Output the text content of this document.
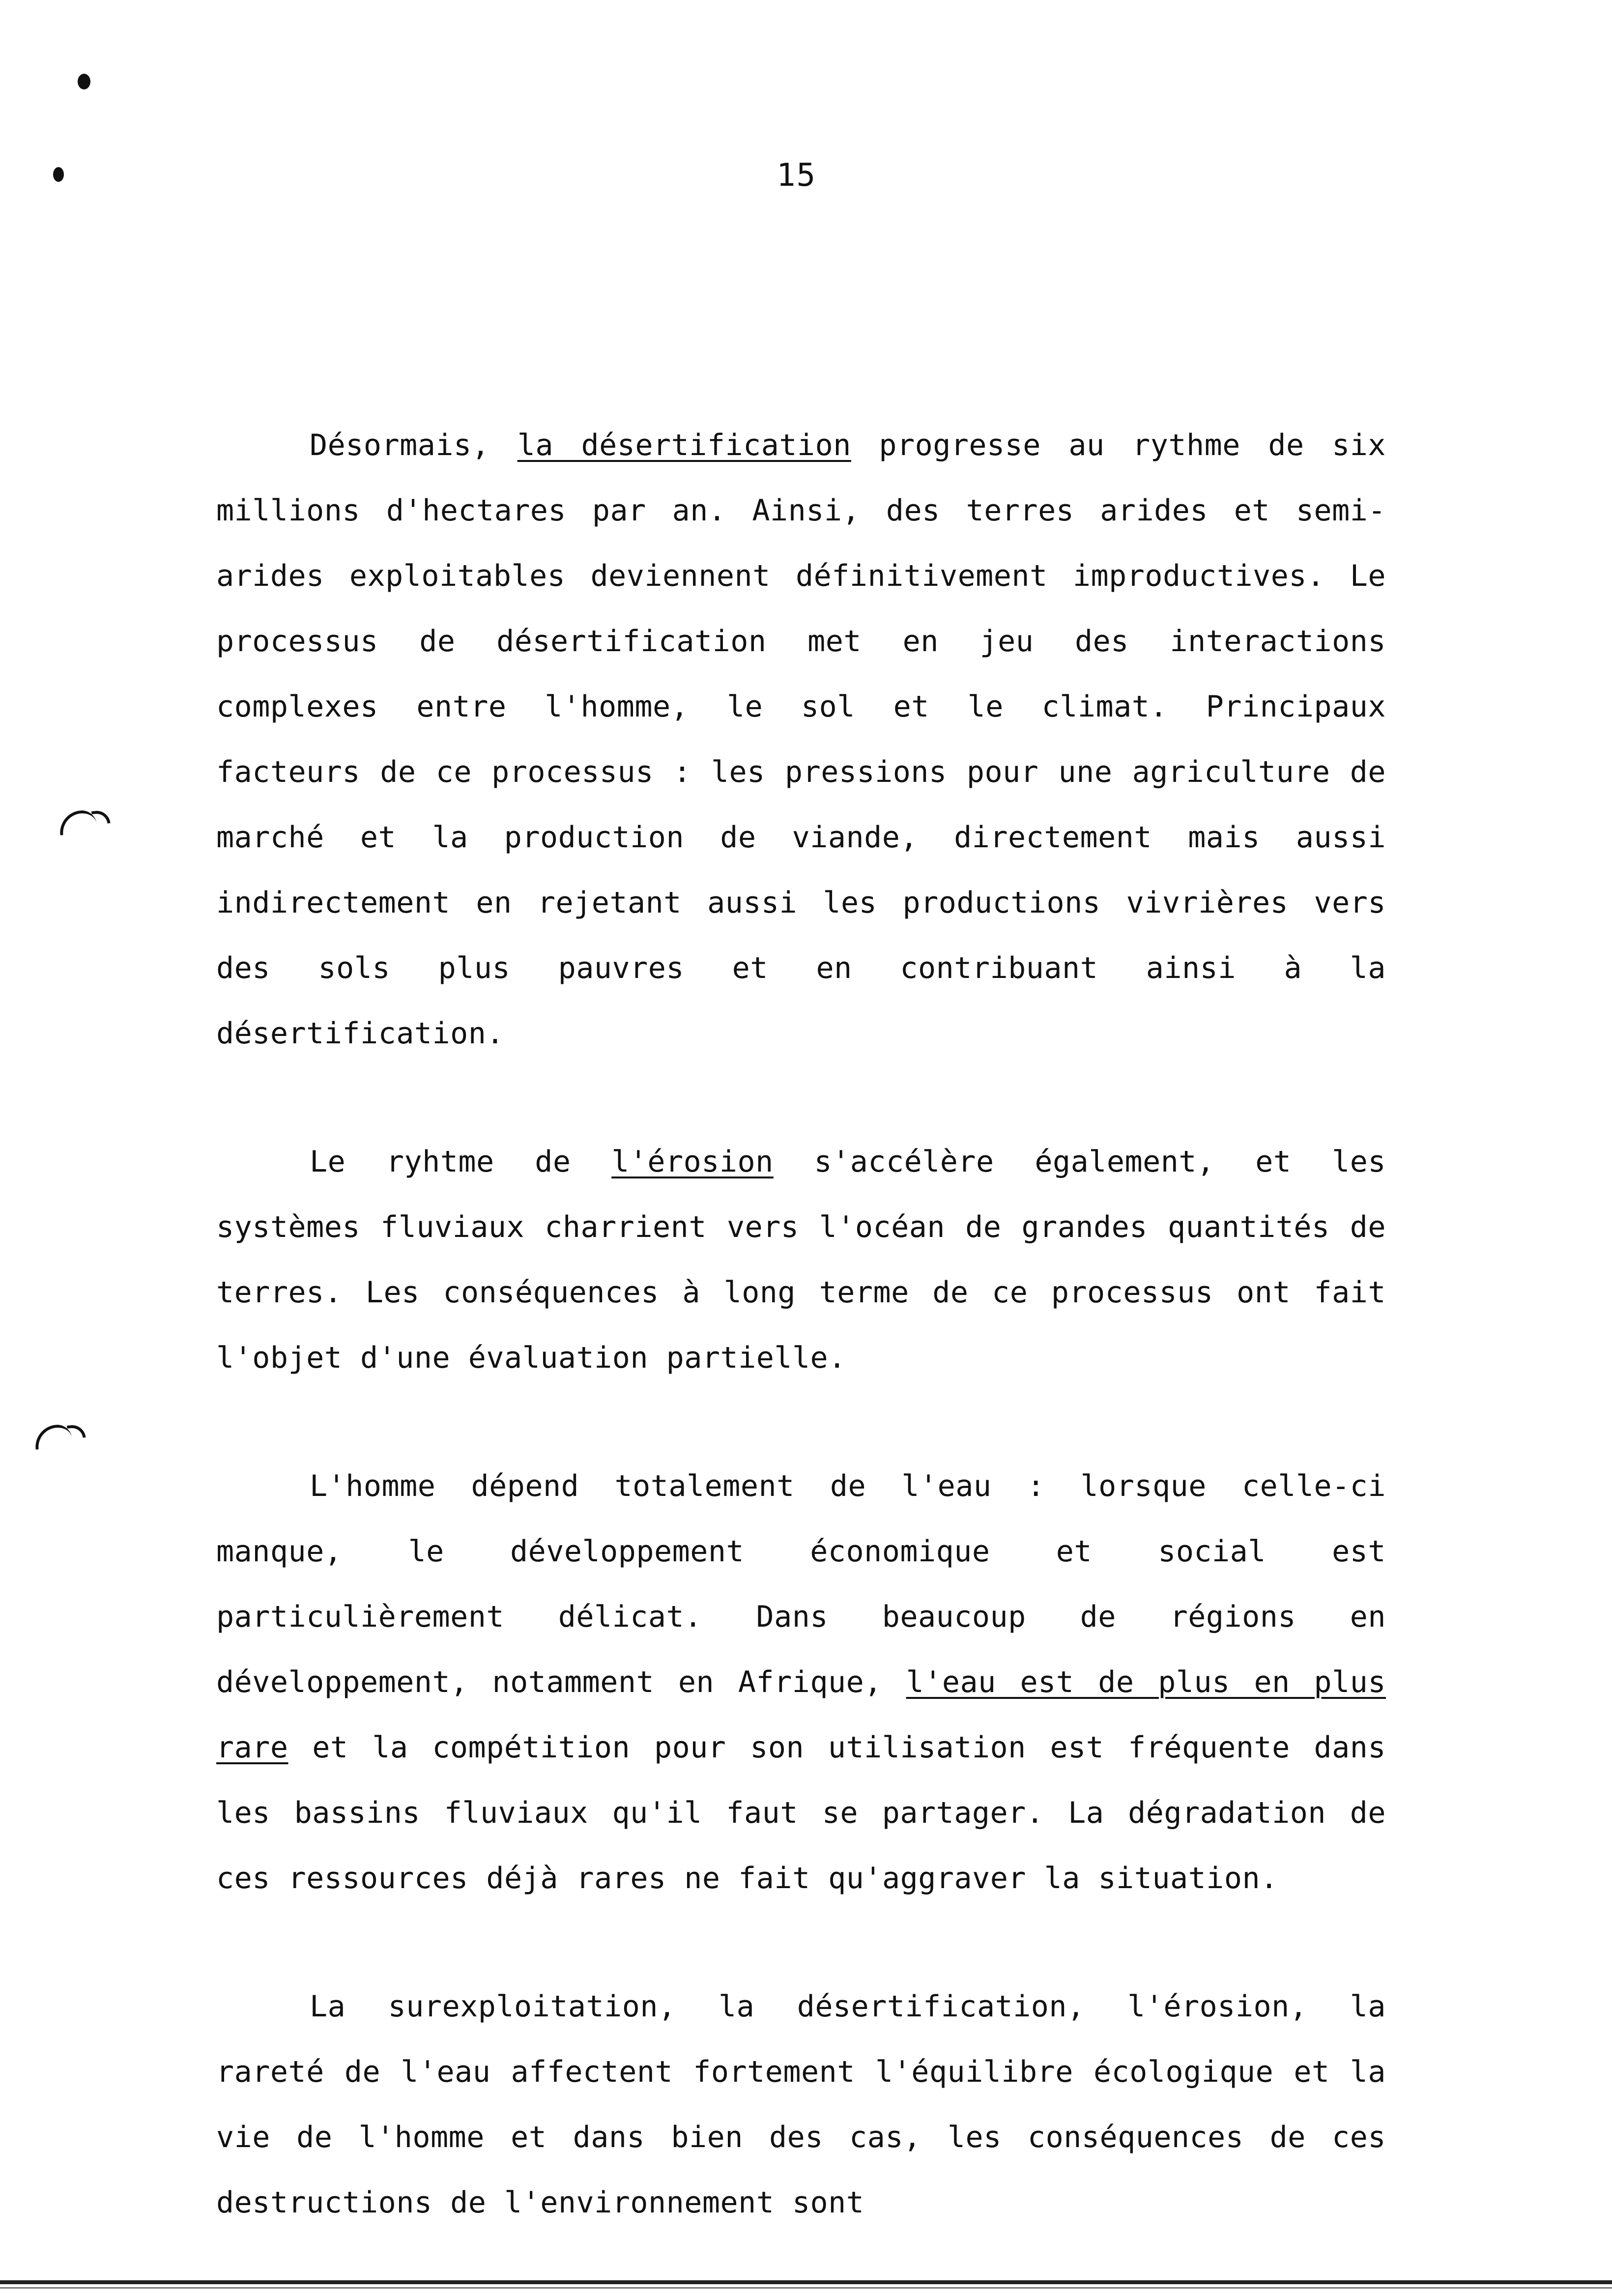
15

Désormais, la désertification progresse au rythme de six millions d'hectares par an. Ainsi, des terres arides et semi-arides exploitables deviennent définitivement improductives. Le processus de désertification met en jeu des interactions complexes entre l'homme, le sol et le climat. Principaux facteurs de ce processus : les pressions pour une agriculture de marché et la production de viande, directement mais aussi indirectement en rejetant aussi les productions vivrières vers des sols plus pauvres et en contribuant ainsi à la désertification.

Le ryhtme de l'érosion s'accélère également, et les systèmes fluviaux charrient vers l'océan de grandes quantités de terres. Les conséquences à long terme de ce processus ont fait l'objet d'une évaluation partielle.

L'homme dépend totalement de l'eau : lorsque celle-ci manque, le développement économique et social est particulièrement délicat. Dans beaucoup de régions en développement, notamment en Afrique, l'eau est de plus en plus rare et la compétition pour son utilisation est fréquente dans les bassins fluviaux qu'il faut se partager. La dégradation de ces ressources déjà rares ne fait qu'aggraver la situation.

La surexploitation, la désertification, l'érosion, la rareté de l'eau affectent fortement l'équilibre écologique et la vie de l'homme et dans bien des cas, les conséquences de ces destructions de l'environnement sont
